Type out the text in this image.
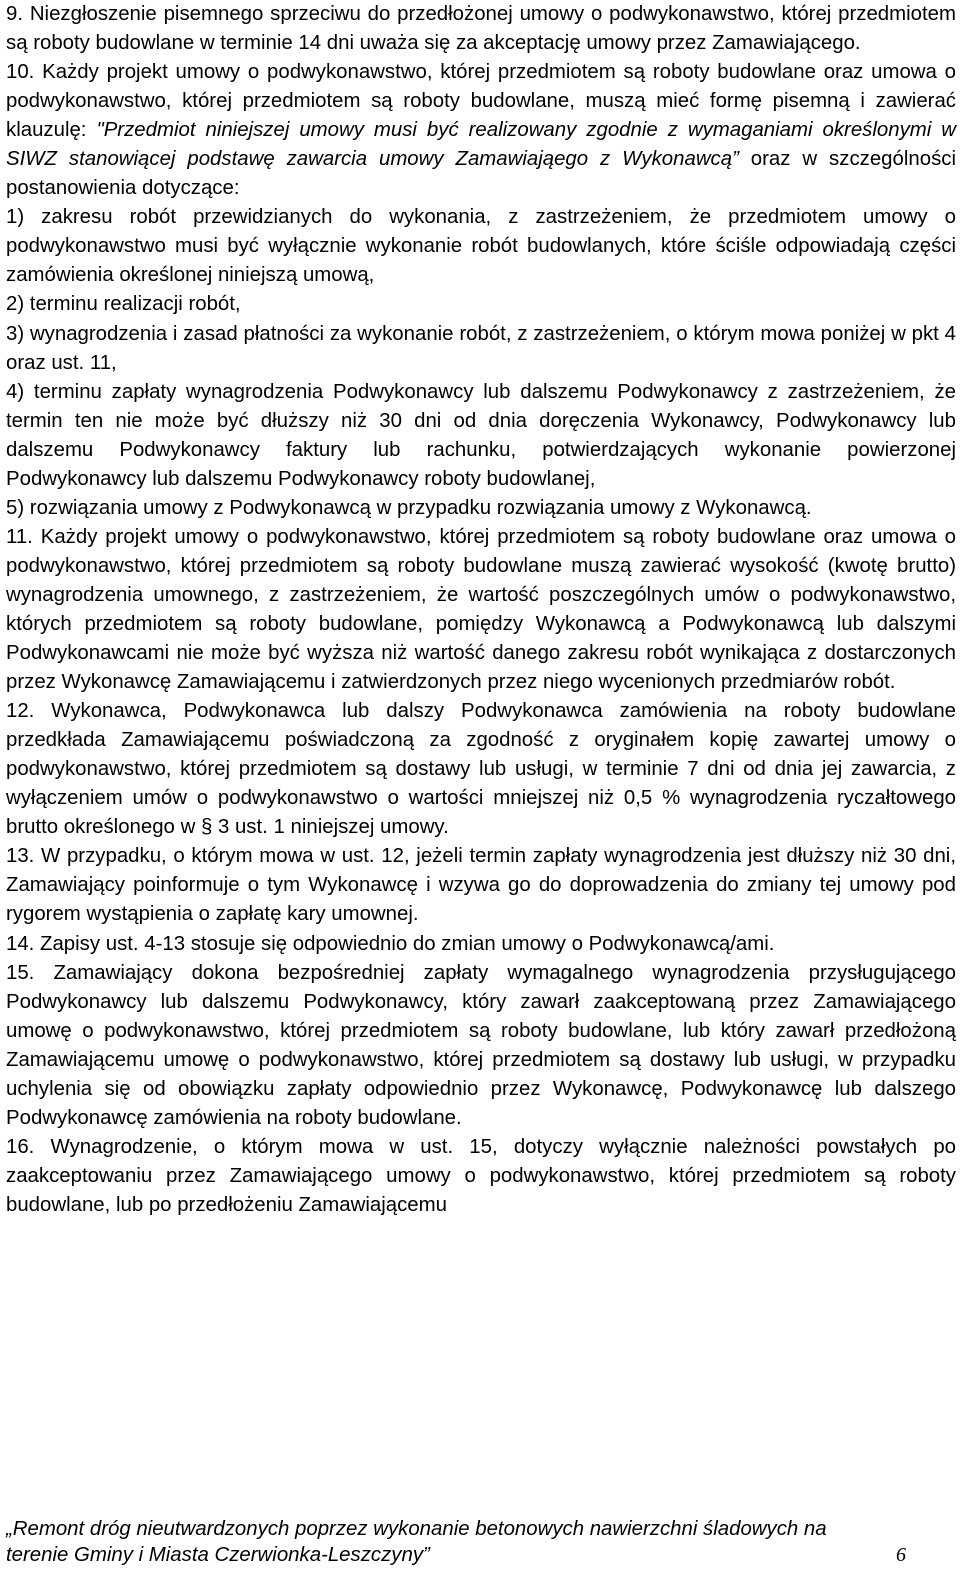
9. Niezgłoszenie pisemnego sprzeciwu do przedłożonej umowy o podwykonawstwo, której przedmiotem są roboty budowlane w terminie 14 dni uważa się za akceptację umowy przez Zamawiającego.

10. Każdy projekt umowy o podwykonawstwo, której przedmiotem są roboty budowlane oraz umowa o podwykonawstwo, której przedmiotem są roboty budowlane, muszą mieć formę pisemną i zawierać klauzulę: "Przedmiot niniejszej umowy musi być realizowany zgodnie z wymaganiami określonymi w SIWZ stanowiącej podstawę zawarcia umowy Zamawiająego z Wykonawcą” oraz w szczególności postanowienia dotyczące:

1) zakresu robót przewidzianych do wykonania, z zastrzeżeniem, że przedmiotem umowy o podwykonawstwo musi być wyłącznie wykonanie robót budowlanych, które ściśle odpowiadają części zamówienia określonej niniejszą umową,

2) terminu realizacji robót,

3) wynagrodzenia i zasad płatności za wykonanie robót, z zastrzeżeniem, o którym mowa poniżej w pkt 4 oraz ust. 11,

4) terminu zapłaty wynagrodzenia Podwykonawcy lub dalszemu Podwykonawcy z zastrzeżeniem, że termin ten nie może być dłuższy niż 30 dni od dnia doręczenia Wykonawcy, Podwykonawcy lub dalszemu Podwykonawcy faktury lub rachunku, potwierdzających wykonanie powierzonej Podwykonawcy lub dalszemu Podwykonawcy roboty budowlanej,

5) rozwiązania umowy z Podwykonawcą w przypadku rozwiązania umowy z Wykonawcą.

11. Każdy projekt umowy o podwykonawstwo, której przedmiotem są roboty budowlane oraz umowa o podwykonawstwo, której przedmiotem są roboty budowlane muszą zawierać wysokość (kwotę brutto) wynagrodzenia umownego, z zastrzeżeniem, że wartość poszczególnych umów o podwykonawstwo, których przedmiotem są roboty budowlane, pomiędzy Wykonawcą a Podwykonawcą lub dalszymi Podwykonawcami nie może być wyższa niż wartość danego zakresu robót wynikająca z dostarczonych przez Wykonawcę Zamawiającemu i zatwierdzonych przez niego wycenionych przedmiarów robót.

12. Wykonawca, Podwykonawca lub dalszy Podwykonawca zamówienia na roboty budowlane przedkłada Zamawiającemu poświadczoną za zgodność z oryginałem kopię zawartej umowy o podwykonawstwo, której przedmiotem są dostawy lub usługi, w terminie 7 dni od dnia jej zawarcia, z wyłączeniem umów o podwykonawstwo o wartości mniejszej niż 0,5 % wynagrodzenia ryczałtowego brutto określonego w § 3 ust. 1 niniejszej umowy.

13. W przypadku, o którym mowa w ust. 12, jeżeli termin zapłaty wynagrodzenia jest dłuższy niż 30 dni, Zamawiający poinformuje o tym Wykonawcę i wzywa go do doprowadzenia do zmiany tej umowy pod rygorem wystąpienia o zapłatę kary umownej.

14. Zapisy ust. 4-13 stosuje się odpowiednio do zmian umowy o Podwykonawcą/ami.

15. Zamawiający dokona bezpośredniej zapłaty wymagalnego wynagrodzenia przysługującego Podwykonawcy lub dalszemu Podwykonawcy, który zawarł zaakceptowaną przez Zamawiającego umowę o podwykonawstwo, której przedmiotem są roboty budowlane, lub który zawarł przedłożoną Zamawiającemu umowę o podwykonawstwo, której przedmiotem są dostawy lub usługi, w przypadku uchylenia się od obowiązku zapłaty odpowiednio przez Wykonawcę, Podwykonawcę lub dalszego Podwykonawcę zamówienia na roboty budowlane.

16. Wynagrodzenie, o którym mowa w ust. 15, dotyczy wyłącznie należności powstałych po zaakceptowaniu przez Zamawiającego umowy o podwykonawstwo, której przedmiotem są roboty budowlane, lub po przedłożeniu Zamawiającemu

„Remont dróg nieutwardzonych poprzez wykonanie betonowych nawierzchni śladowych na
terenie Gminy i Miasta Czerwionka-Leszczyny”	6
